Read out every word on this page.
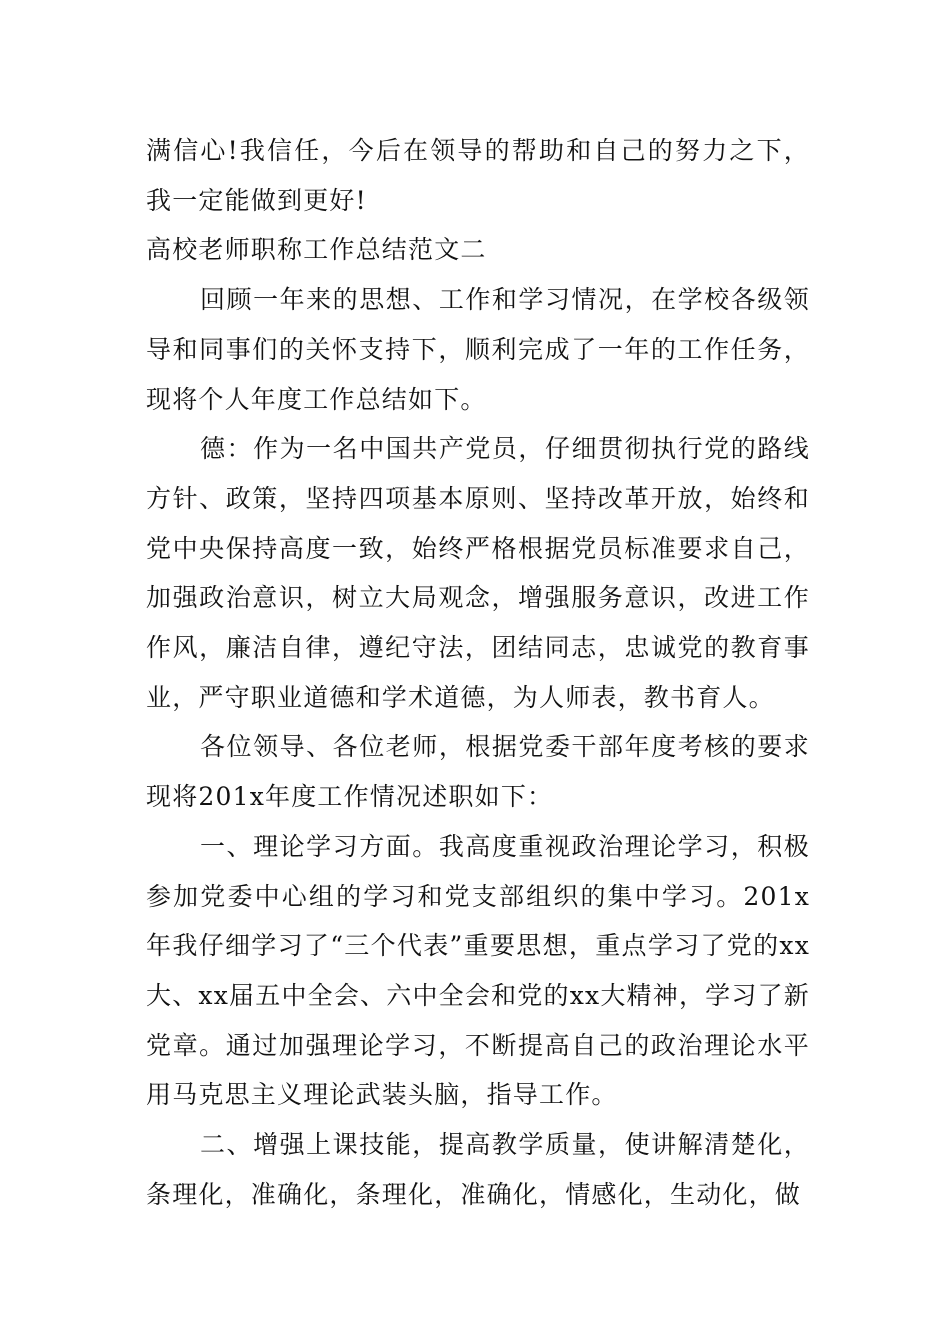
满信心!我信任，今后在领导的帮助和自己的努力之下，我一定能做到更好!

高校老师职称工作总结范文二

回顾一年来的思想、工作和学习情况，在学校各级领导和同事们的关怀支持下，顺利完成了一年的工作任务，现将个人年度工作总结如下。

德：作为一名中国共产党员，仔细贯彻执行党的路线方针、政策，坚持四项基本原则、坚持改革开放，始终和党中央保持高度一致，始终严格根据党员标准要求自己，加强政治意识，树立大局观念，增强服务意识，改进工作作风，廉洁自律，遵纪守法，团结同志，忠诚党的教育事业，严守职业道德和学术道德，为人师表，教书育人。

各位领导、各位老师，根据党委干部年度考核的要求现将201x年度工作情况述职如下：

一、理论学习方面。我高度重视政治理论学习，积极参加党委中心组的学习和党支部组织的集中学习。201x年我仔细学习了“三个代表”重要思想，重点学习了党的xx大、xx届五中全会、六中全会和党的xx大精神，学习了新党章。通过加强理论学习，不断提高自己的政治理论水平用马克思主义理论武装头脑，指导工作。

二、增强上课技能，提高教学质量，使讲解清楚化，条理化，准确化，条理化，准确化，情感化，生动化，做
